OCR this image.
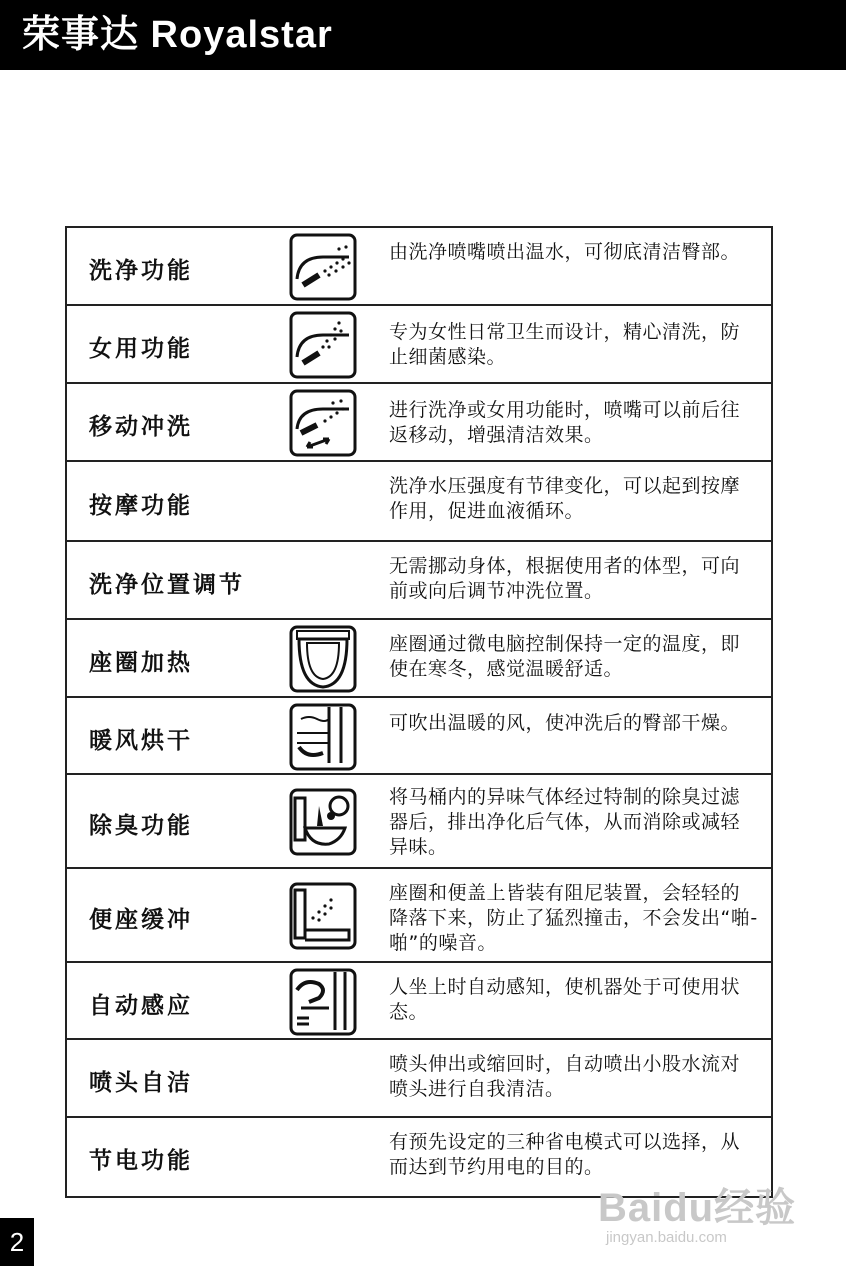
荣事达 Royalstar
洗净功能
由洗净喷嘴喷出温水，可彻底清洁臀部。
女用功能
专为女性日常卫生而设计，精心清洗，防止细菌感染。
移动冲洗
进行洗净或女用功能时，喷嘴可以前后往返移动，增强清洁效果。
按摩功能
洗净水压强度有节律变化，可以起到按摩作用，促进血液循环。
洗净位置调节
无需挪动身体，根据使用者的体型，可向前或向后调节冲洗位置。
座圈加热
座圈通过微电脑控制保持一定的温度，即使在寒冬，感觉温暖舒适。
暖风烘干
可吹出温暖的风，使冲洗后的臀部干燥。
除臭功能
将马桶内的异味气体经过特制的除臭过滤器后，排出净化后气体，从而消除或减轻异味。
便座缓冲
座圈和便盖上皆装有阻尼装置，会轻轻的降落下来，防止了猛烈撞击，不会发出“啪-啪”的噪音。
自动感应
人坐上时自动感知，使机器处于可使用状态。
喷头自洁
喷头伸出或缩回时，自动喷出小股水流对喷头进行自我清洁。
节电功能
有预先设定的三种省电模式可以选择，从而达到节约用电的目的。
2
Baidu经验
jingyan.baidu.com
